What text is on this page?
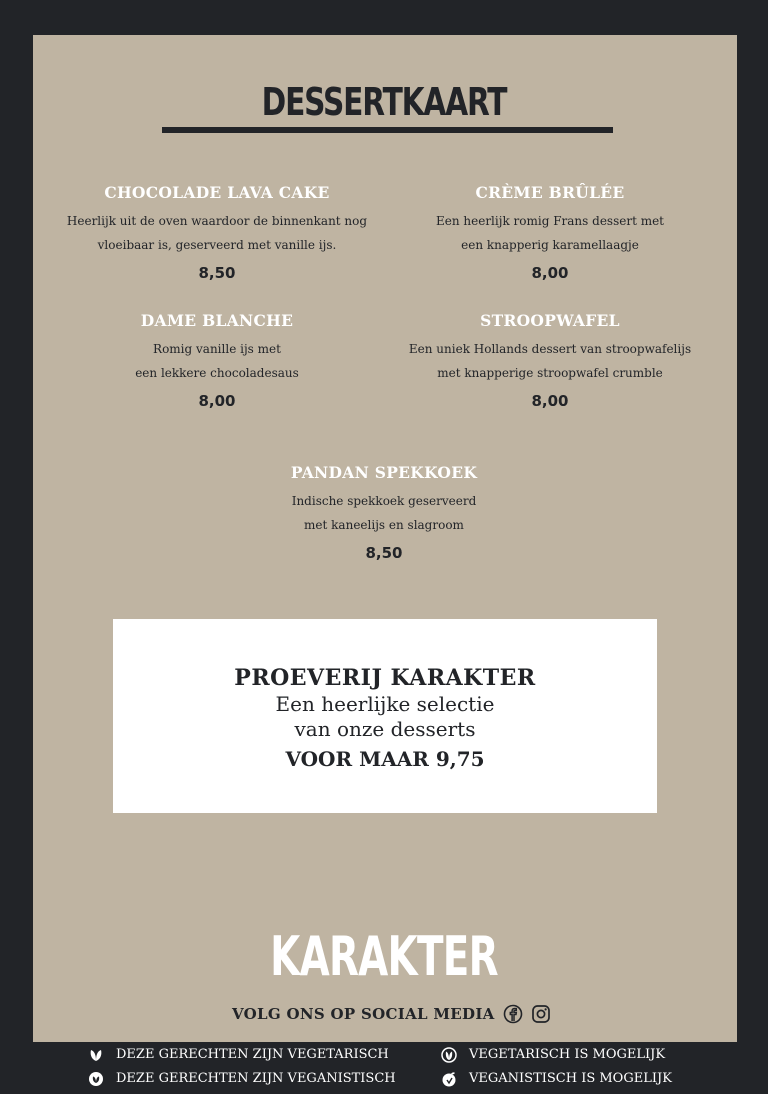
DESSERTKAART
CHOCOLADE LAVA CAKE
Heerlijk uit de oven waardoor de binnenkant nog
vloeibaar is, geserveerd met vanille ijs.
8,50
CRÈME BRÛLÉE
Een heerlijk romig Frans dessert met
een knapperig karamellaagje
8,00
DAME BLANCHE
Romig vanille ijs met
een lekkere chocoladesaus
8,00
STROOPWAFEL
Een uniek Hollands dessert van stroopwafelijs
met knapperige stroopwafel crumble
8,00
PANDAN SPEKKOEK
Indische spekkoek geserveerd
met kaneelijs en slagroom
8,50
PROEVERIJ KARAKTER
Een heerlijke selectie
van onze desserts
VOOR MAAR 9,75
KARAKTER
VOLG ONS OP SOCIAL MEDIA
DEZE GERECHTEN ZIJN VEGETARISCH
DEZE GERECHTEN ZIJN VEGANISTISCH
VEGETARISCH IS MOGELIJK
VEGANISTISCH IS MOGELIJK
